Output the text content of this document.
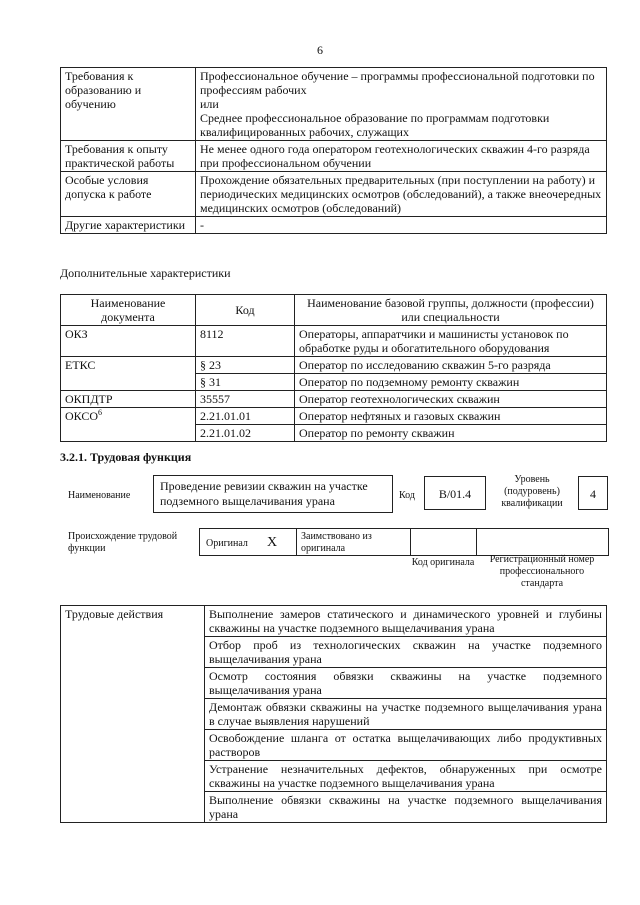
6
Требования к образованию и обучению	Профессиональное обучение – программы профессиональной подготовки по профессиям рабочих
или
Среднее профессиональное образование по программам подготовки квалифицированных рабочих, служащих

Требования к опыту практической работы	Не менее одного года оператором геотехнологических скважин 4-го разряда при профессиональном обучении

Особые условия допуска к работе	Прохождение обязательных предварительных (при поступлении на работу) и периодических медицинских осмотров (обследований), а также внеочередных медицинских осмотров (обследований)

Другие характеристики	-
Дополнительные характеристики
Наименование документа	Код	Наименование базовой группы, должности (профессии) или специальности
ОКЗ	8112	Операторы, аппаратчики и машинисты установок по обработке руды и обогатительного оборудования
ЕТКС	§ 23	Оператор по исследованию скважин 5-го разряда
	§ 31	Оператор по подземному ремонту скважин
ОКПДТР	35557	Оператор геотехнологических скважин
ОКСО$^6$	2.21.01.01	Оператор нефтяных и газовых скважин
	2.21.01.02	Оператор по ремонту скважин
3.2.1. Трудовая функция
Наименование
Проведение ревизии скважин на участке подземного выщелачивания урана	Код	В/01.4
Уровень (подуровень) квалификации
4
Происхождение трудовой функции	Оригинал X Заимствовано из оригинала
Код оригинала	Регистрационный номер профессионального стандарта
Трудовые действия	Выполнение замеров статического и динамического уровней и глубины скважины на участке подземного выщелачивания урана
Отбор проб из технологических скважин на участке подземного выщелачивания урана
Осмотр состояния обвязки скважины на участке подземного выщелачивания урана
Демонтаж обвязки скважины на участке подземного выщелачивания урана в случае выявления нарушений
Освобождение шланга от остатка выщелачивающих либо продуктивных растворов
Устранение незначительных дефектов, обнаруженных при осмотре скважины на участке подземного выщелачивания урана
Выполнение обвязки скважины на участке подземного выщелачивания урана
